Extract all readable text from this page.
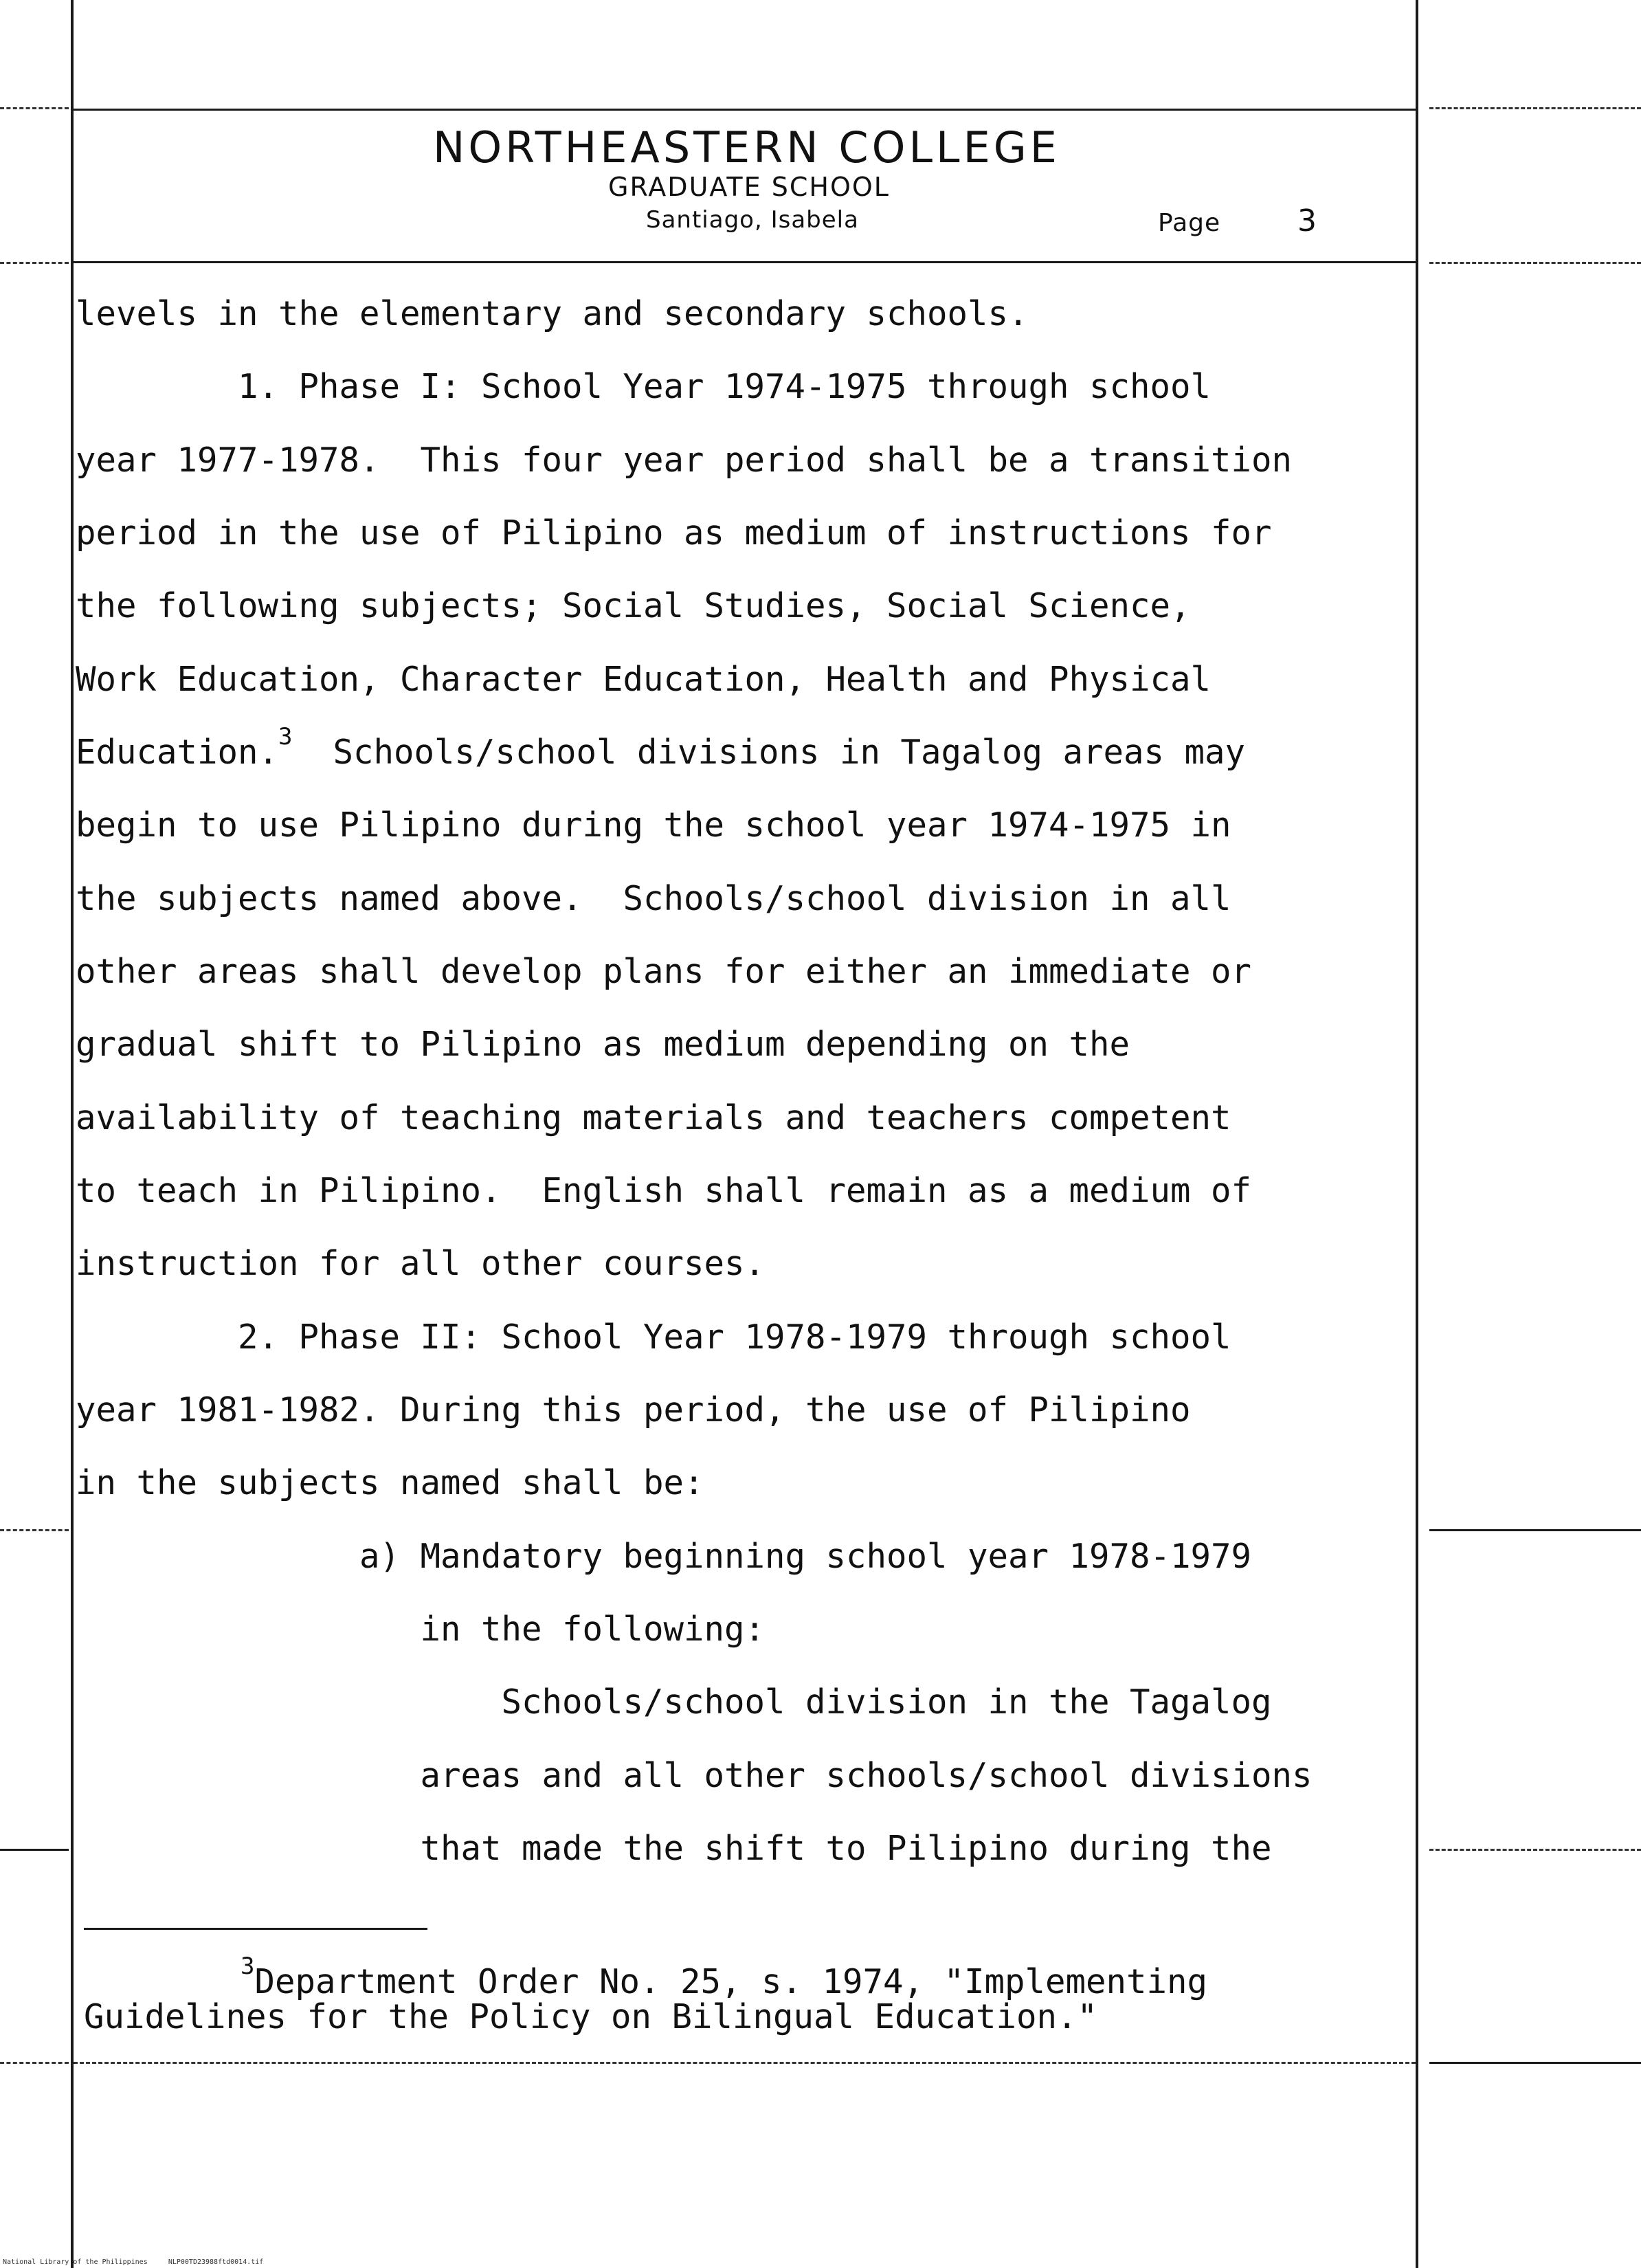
NORTHEASTERN COLLEGE
GRADUATE SCHOOL
Santiago, Isabela	Page	3
levels in the elementary and secondary schools.
1. Phase I: School Year 1974-1975 through school
year 1977-1978.  This four year period shall be a transition
period in the use of Pilipino as medium of instructions for
the following subjects; Social Studies, Social Science,
Work Education, Character Education, Health and Physical
Education.$^3$  Schools/school divisions in Tagalog areas may
begin to use Pilipino during the school year 1974-1975 in
the subjects named above.  Schools/school division in all
other areas shall develop plans for either an immediate or
gradual shift to Pilipino as medium depending on the
availability of teaching materials and teachers competent
to teach in Pilipino.  English shall remain as a medium of
instruction for all other courses.
2. Phase II: School Year 1978-1979 through school
year 1981-1982. During this period, the use of Pilipino
in the subjects named shall be:
a) Mandatory beginning school year 1978-1979
in the following:
Schools/school division in the Tagalog
areas and all other schools/school divisions
that made the shift to Pilipino during the
$^3$Department Order No. 25, s. 1974, "Implementing
Guidelines for the Policy on Bilingual Education."
National Library of the Philippines     NLP00TD23988ftd0014.tif
